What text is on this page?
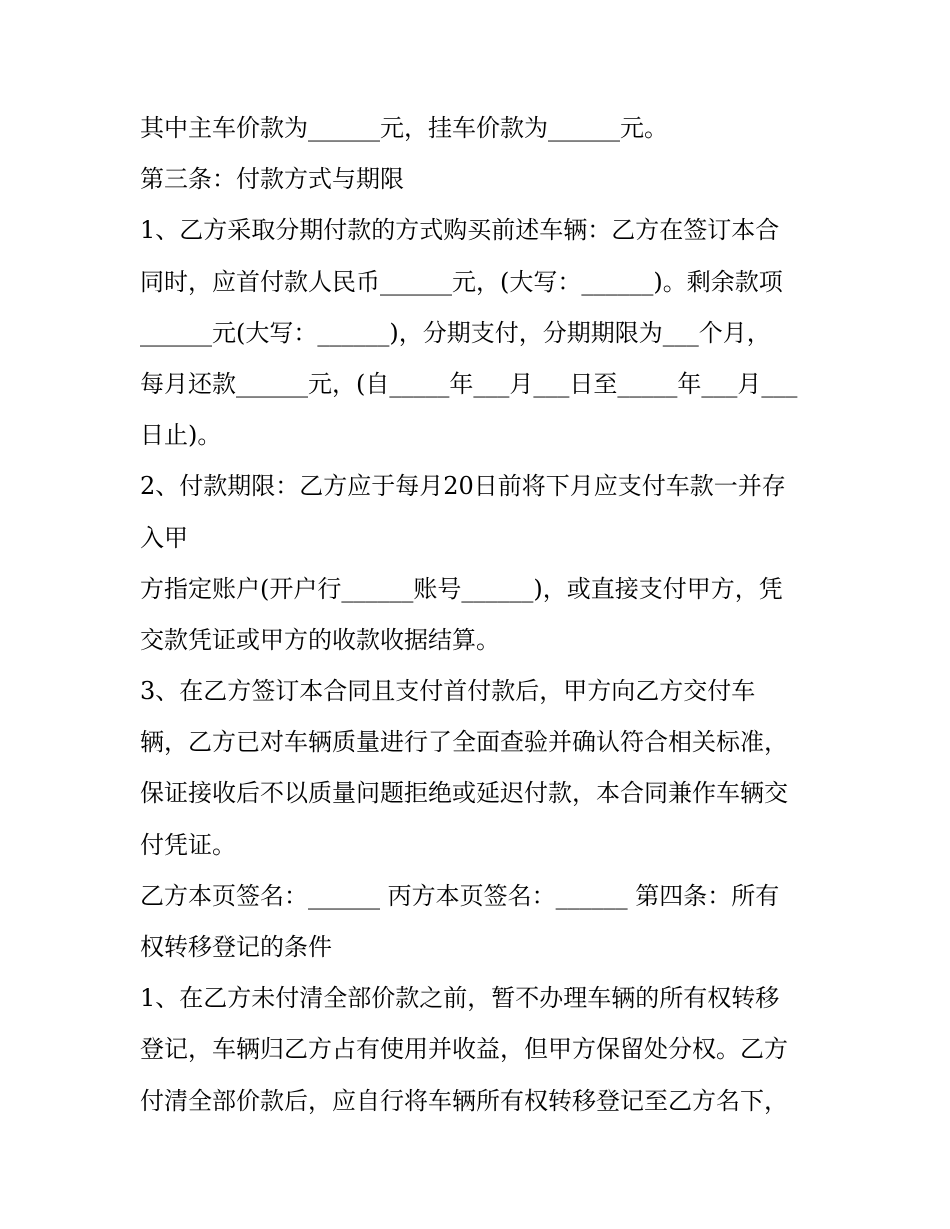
其中主车价款为______元，挂车价款为______元。
第三条：付款方式与期限
1、乙方采取分期付款的方式购买前述车辆：乙方在签订本合
同时，应首付款人民币______元，(大写：______)。剩余款项
______元(大写：______)，分期支付，分期期限为___个月，
每月还款______元，(自_____年___月___日至_____年___月___
日止)。
2、付款期限：乙方应于每月20日前将下月应支付车款一并存
入甲
方指定账户(开户行______账号______)，或直接支付甲方，凭
交款凭证或甲方的收款收据结算。
3、在乙方签订本合同且支付首付款后，甲方向乙方交付车
辆，乙方已对车辆质量进行了全面查验并确认符合相关标准，
保证接收后不以质量问题拒绝或延迟付款，本合同兼作车辆交
付凭证。
乙方本页签名：______ 丙方本页签名：______ 第四条：所有
权转移登记的条件
1、在乙方未付清全部价款之前，暂不办理车辆的所有权转移
登记，车辆归乙方占有使用并收益，但甲方保留处分权。乙方
付清全部价款后，应自行将车辆所有权转移登记至乙方名下，
